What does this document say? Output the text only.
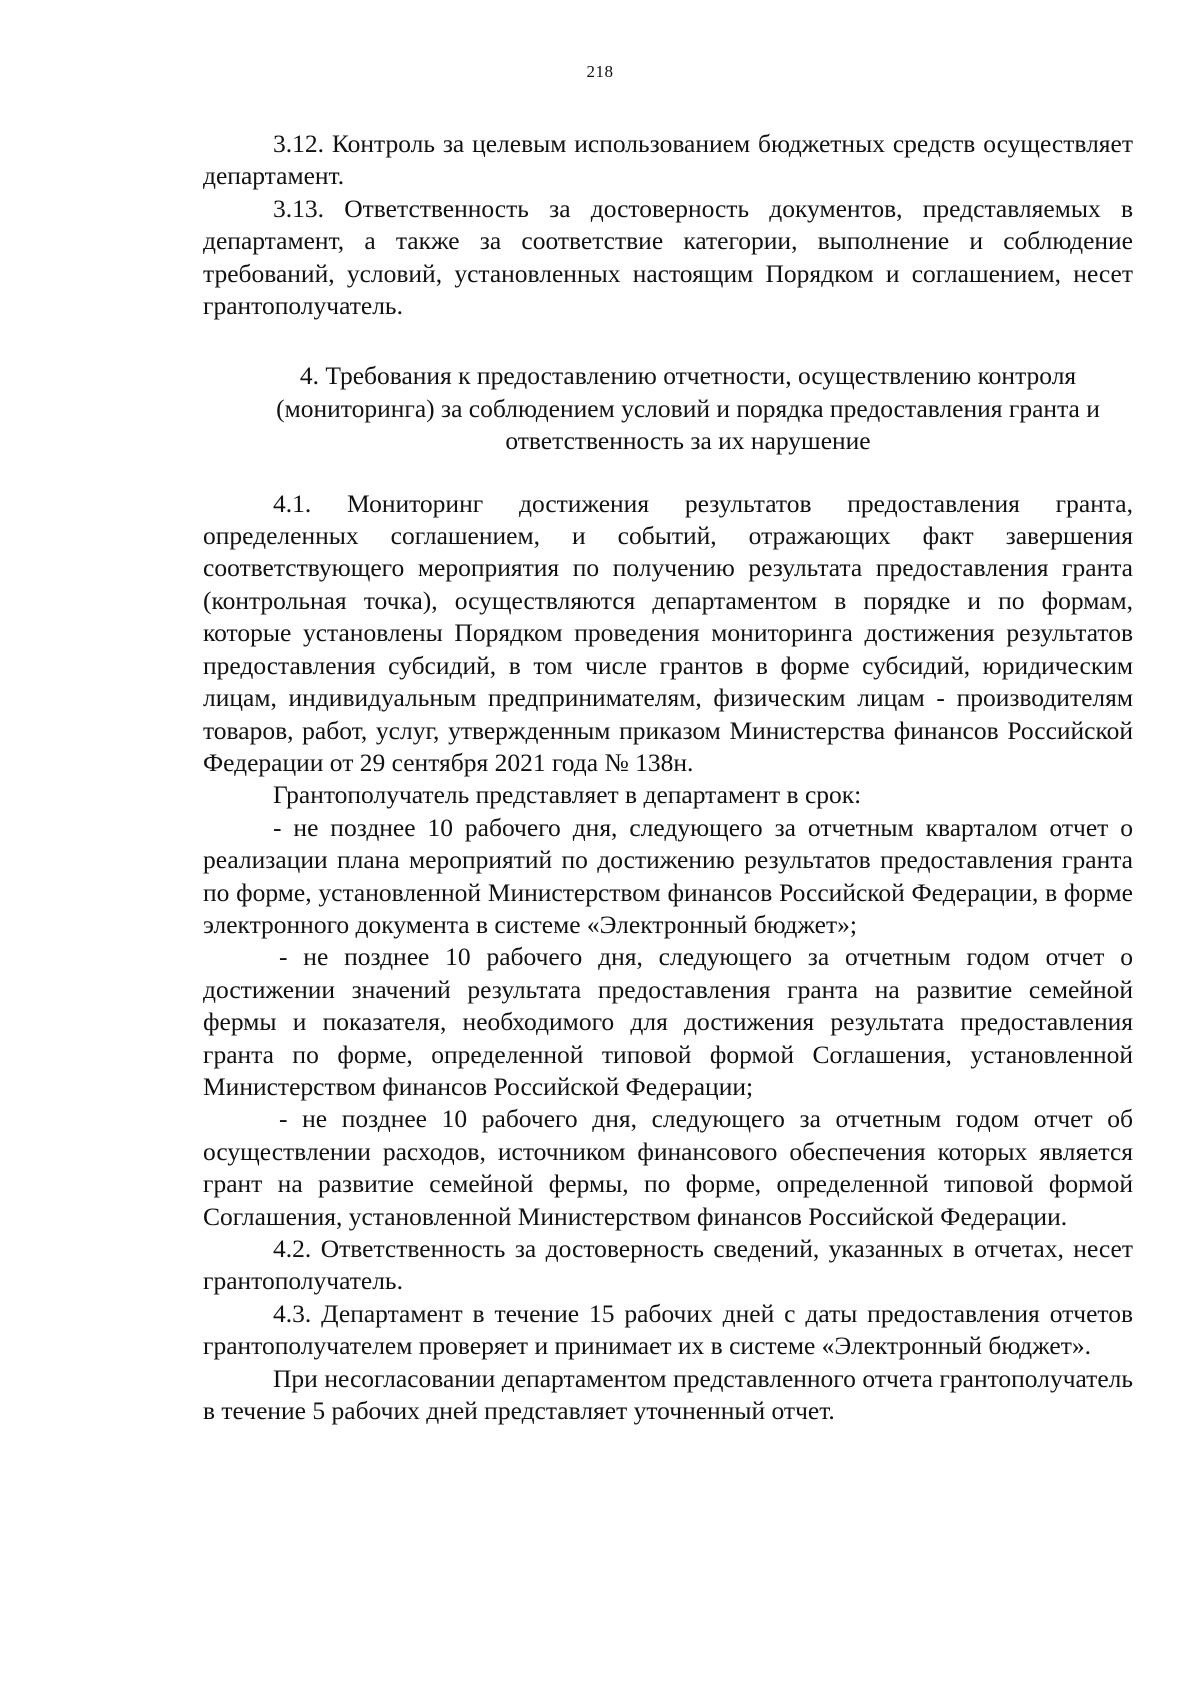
218

3.12. Контроль за целевым использованием бюджетных средств осуществляет департамент.

3.13. Ответственность за достоверность документов, представляемых в департамент, а также за соответствие категории, выполнение и соблюдение требований, условий, установленных настоящим Порядком и соглашением, несет грантополучатель.

4. Требования к предоставлению отчетности, осуществлению контроля (мониторинга) за соблюдением условий и порядка предоставления гранта и ответственность за их нарушение

4.1. Мониторинг достижения результатов предоставления гранта, определенных соглашением, и событий, отражающих факт завершения соответствующего мероприятия по получению результата предоставления гранта (контрольная точка), осуществляются департаментом в порядке и по формам, которые установлены Порядком проведения мониторинга достижения результатов предоставления субсидий, в том числе грантов в форме субсидий, юридическим лицам, индивидуальным предпринимателям, физическим лицам - производителям товаров, работ, услуг, утвержденным приказом Министерства финансов Российской Федерации от 29 сентября 2021 года № 138н.

Грантополучатель представляет в департамент в срок:

- не позднее 10 рабочего дня, следующего за отчетным кварталом отчет о реализации плана мероприятий по достижению результатов предоставления гранта по форме, установленной Министерством финансов Российской Федерации, в форме электронного документа в системе «Электронный бюджет»;

- не позднее 10 рабочего дня, следующего за отчетным годом отчет о достижении значений результата предоставления гранта на развитие семейной фермы и показателя, необходимого для достижения результата предоставления гранта по форме, определенной типовой формой Соглашения, установленной Министерством финансов Российской Федерации;

- не позднее 10 рабочего дня, следующего за отчетным годом отчет об осуществлении расходов, источником финансового обеспечения которых является грант на развитие семейной фермы, по форме, определенной типовой формой Соглашения, установленной Министерством финансов Российской Федерации.

4.2. Ответственность за достоверность сведений, указанных в отчетах, несет грантополучатель.

4.3. Департамент в течение 15 рабочих дней с даты предоставления отчетов грантополучателем проверяет и принимает их в системе «Электронный бюджет».

При несогласовании департаментом представленного отчета грантополучатель в течение 5 рабочих дней представляет уточненный отчет.
